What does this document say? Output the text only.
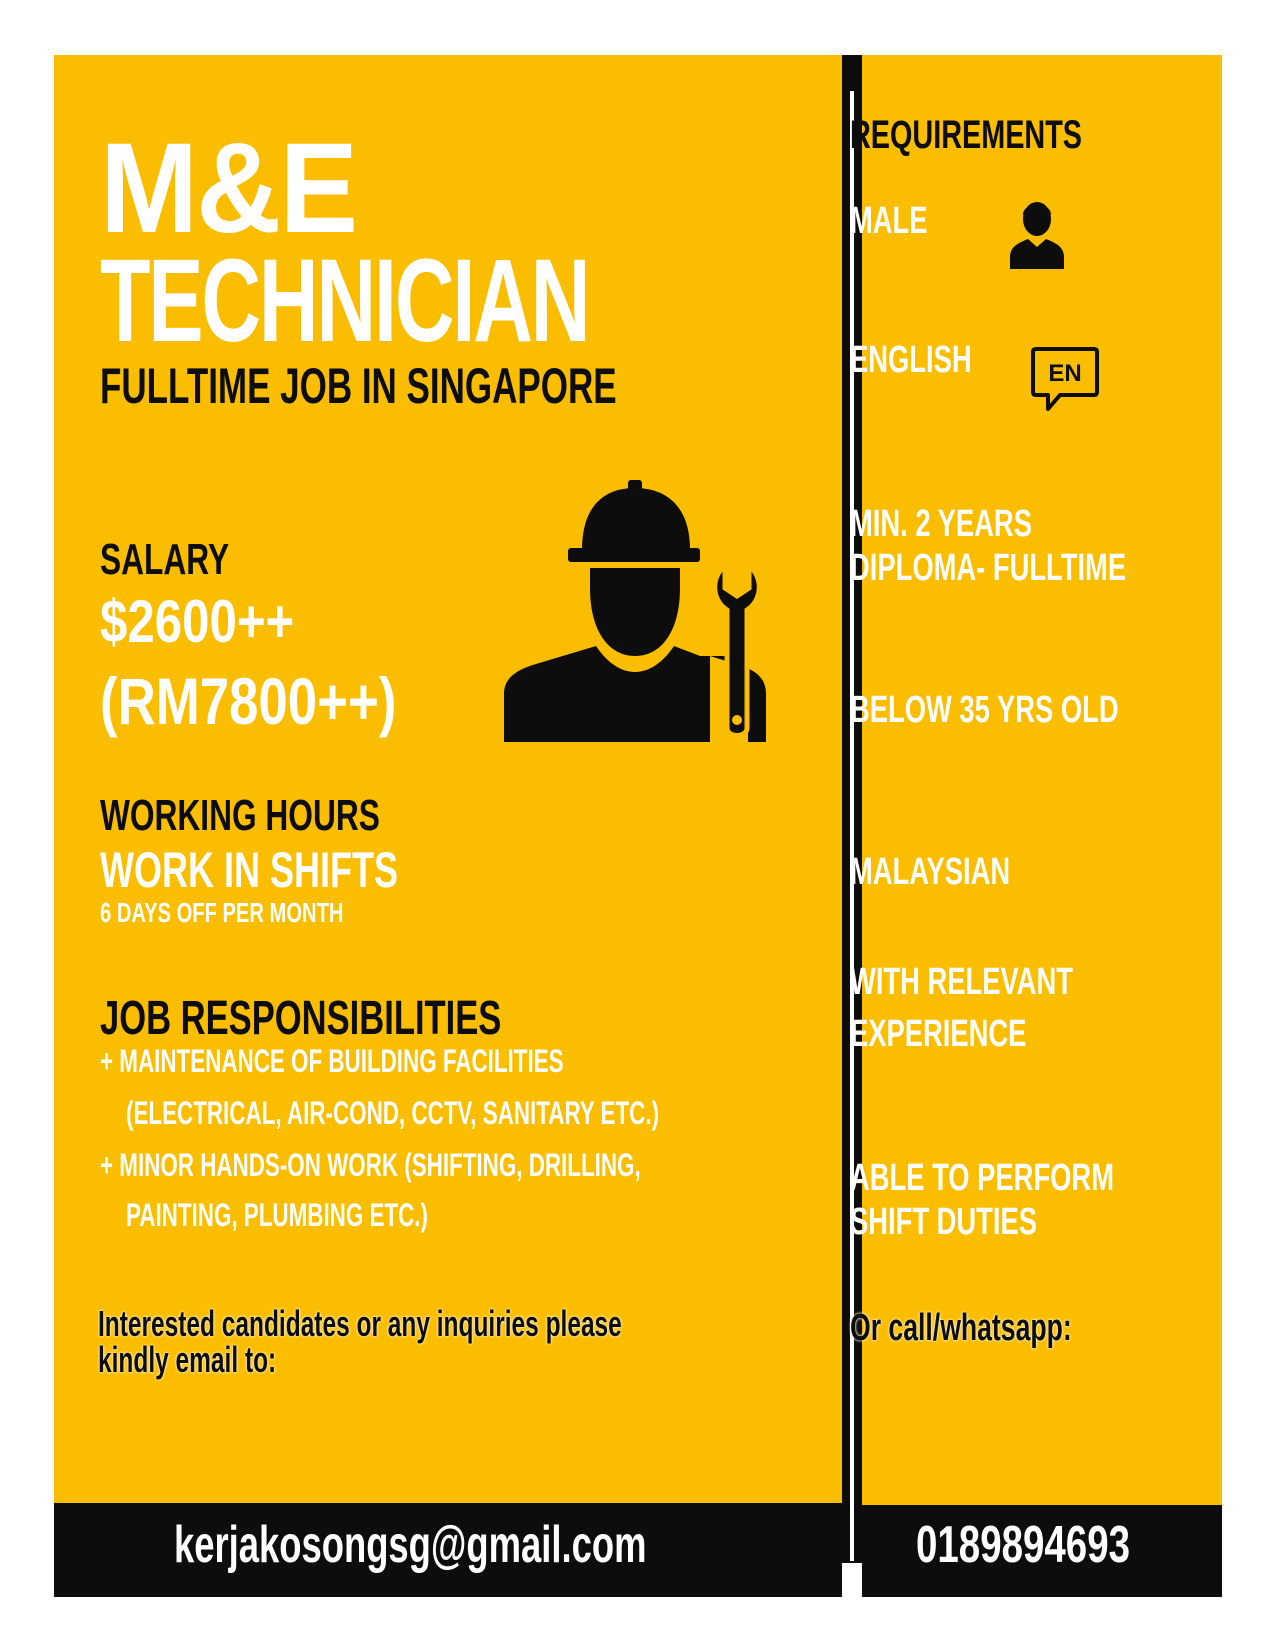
M&E
TECHNICIAN
FULLTIME JOB IN SINGAPORE
SALARY
$2600++
(RM7800++)
WORKING HOURS
WORK IN SHIFTS
6 DAYS OFF PER MONTH
JOB RESPONSIBILITIES
+ MAINTENANCE OF BUILDING FACILITIES
(ELECTRICAL, AIR-COND, CCTV, SANITARY ETC.)
+ MINOR HANDS-ON WORK (SHIFTING, DRILLING,
PAINTING, PLUMBING ETC.)
Interested candidates or any inquiries please
kindly email to:
kerjakosongsg@gmail.com
REQUIREMENTS
MALE
ENGLISH	EN
MIN. 2 YEARS
DIPLOMA- FULLTIME
BELOW 35 YRS OLD
MALAYSIAN
WITH RELEVANT
EXPERIENCE
ABLE TO PERFORM
SHIFT DUTIES
Or call/whatsapp:
0189894693
